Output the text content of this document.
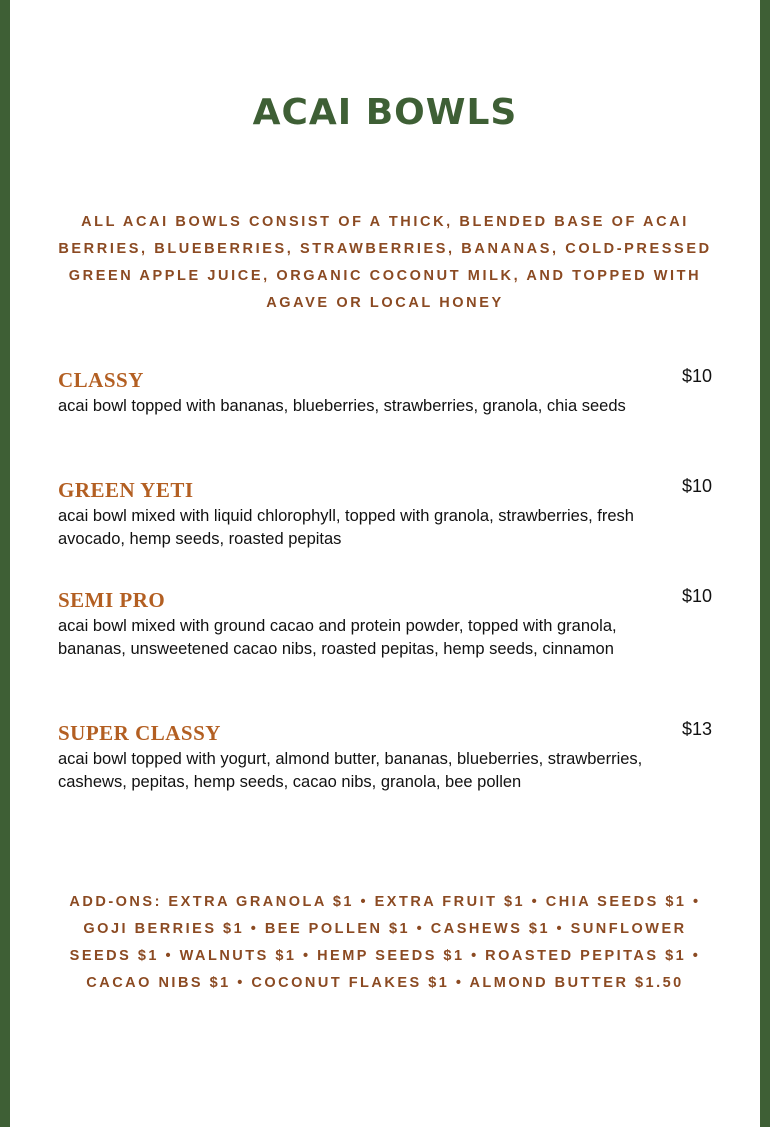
ACAI BOWLS

ALL ACAI BOWLS CONSIST OF A THICK, BLENDED BASE OF ACAI BERRIES, BLUEBERRIES, STRAWBERRIES, BANANAS, COLD-PRESSED GREEN APPLE JUICE, ORGANIC COCONUT MILK, AND TOPPED WITH AGAVE OR LOCAL HONEY

CLASSY	$10

acai bowl topped with bananas, blueberries, strawberries, granola, chia seeds

GREEN YETI	$10

acai bowl mixed with liquid chlorophyll, topped with granola, strawberries, fresh avocado, hemp seeds, roasted pepitas

SEMI PRO	$10

acai bowl mixed with ground cacao and protein powder, topped with granola, bananas, unsweetened cacao nibs, roasted pepitas, hemp seeds, cinnamon

SUPER CLASSY	$13

acai bowl topped with yogurt, almond butter, bananas, blueberries, strawberries, cashews, pepitas, hemp seeds, cacao nibs, granola, bee pollen

ADD-ONS: EXTRA GRANOLA $1 • EXTRA FRUIT $1 • CHIA SEEDS $1 • GOJI BERRIES $1 • BEE POLLEN $1 • CASHEWS $1 • SUNFLOWER SEEDS $1 • WALNUTS $1 • HEMP SEEDS $1 • ROASTED PEPITAS $1 • CACAO NIBS $1 • COCONUT FLAKES $1 • ALMOND BUTTER $1.50
